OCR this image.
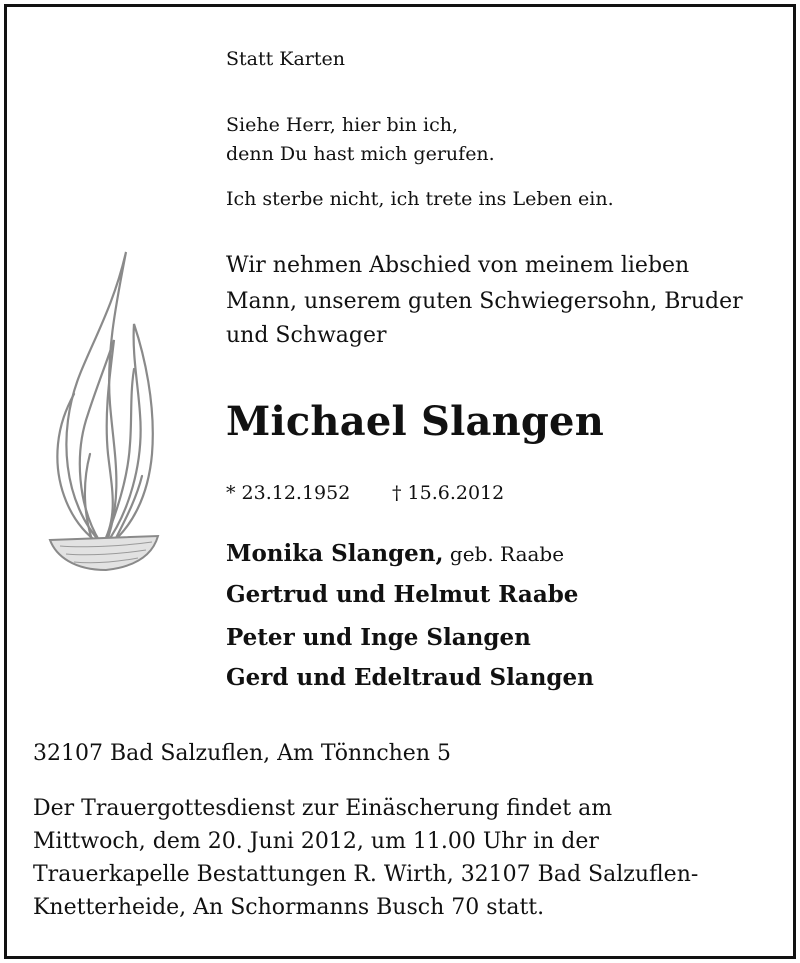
Statt Karten

Siehe Herr, hier bin ich,

denn Du hast mich gerufen.

Ich sterbe nicht, ich trete ins Leben ein.

Wir nehmen Abschied von meinem lieben

Mann, unserem guten Schwiegersohn, Bruder

und Schwager

Michael Slangen

* 23.12.1952 † 15.6.2012

Monika Slangen, geb. Raabe

Gertrud und Helmut Raabe

Peter und Inge Slangen

Gerd und Edeltraud Slangen

32107 Bad Salzuflen, Am Tönnchen 5

Der Trauergottesdienst zur Einäscherung findet am
Mittwoch, dem 20. Juni 2012, um 11.00 Uhr in der
Trauerkapelle Bestattungen R. Wirth, 32107 Bad Salzuflen-
Knetterheide, An Schormanns Busch 70 statt.
